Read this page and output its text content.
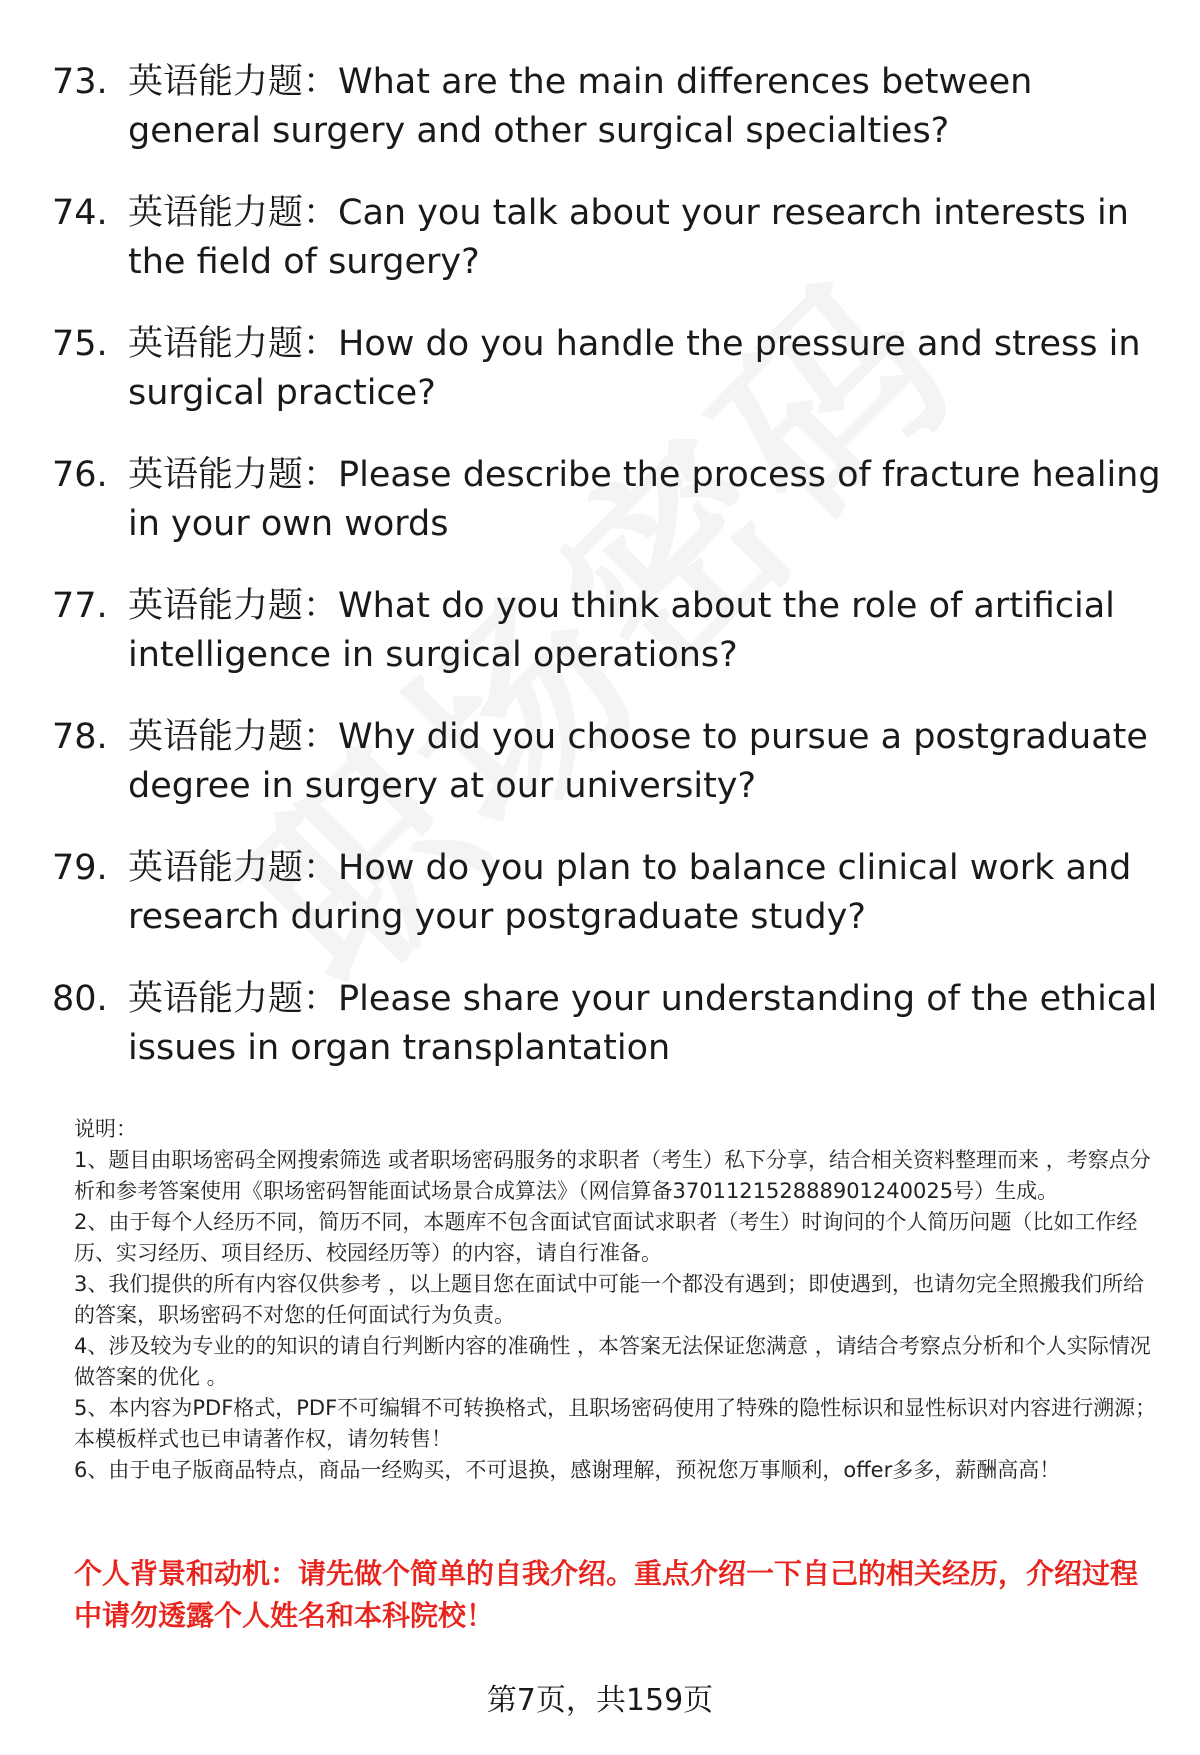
73. 英语能力题：What are the main differences between general surgery and other surgical specialties?
74. 英语能力题：Can you talk about your research interests in the field of surgery?
75. 英语能力题：How do you handle the pressure and stress in surgical practice?
76. 英语能力题：Please describe the process of fracture healing in your own words
77. 英语能力题：What do you think about the role of artificial intelligence in surgical operations?
78. 英语能力题：Why did you choose to pursue a postgraduate degree in surgery at our university?
79. 英语能力题：How do you plan to balance clinical work and research during your postgraduate study?
80. 英语能力题：Please share your understanding of the ethical issues in organ transplantation

说明：

1、题目由职场密码全网搜索筛选 或者职场密码服务的求职者（考生）私下分享，结合相关资料整理而来 ，考察点分析和参考答案使用《职场密码智能面试场景合成算法》（网信算备370112152888901240025号）生成。

2、由于每个人经历不同，简历不同，本题库不包含面试官面试求职者（考生）时询问的个人简历问题（比如工作经历、实习经历、项目经历、校园经历等）的内容，请自行准备。

3、我们提供的所有内容仅供参考 ，以上题目您在面试中可能一个都没有遇到；即使遇到，也请勿完全照搬我们所给的答案，职场密码不对您的任何面试行为负责。

4、涉及较为专业的的知识的请自行判断内容的准确性 ，本答案无法保证您满意 ，请结合考察点分析和个人实际情况做答案的优化 。

5、本内容为PDF格式，PDF不可编辑不可转换格式，且职场密码使用了特殊的隐性标识和显性标识对内容进行溯源；本模板样式也已申请著作权，请勿转售！

6、由于电子版商品特点，商品一经购买，不可退换，感谢理解，预祝您万事顺利，offer多多，薪酬高高！

个人背景和动机：请先做个简单的自我介绍。重点介绍一下自己的相关经历，介绍过程中请勿透露个人姓名和本科院校！

第7页，共159页
